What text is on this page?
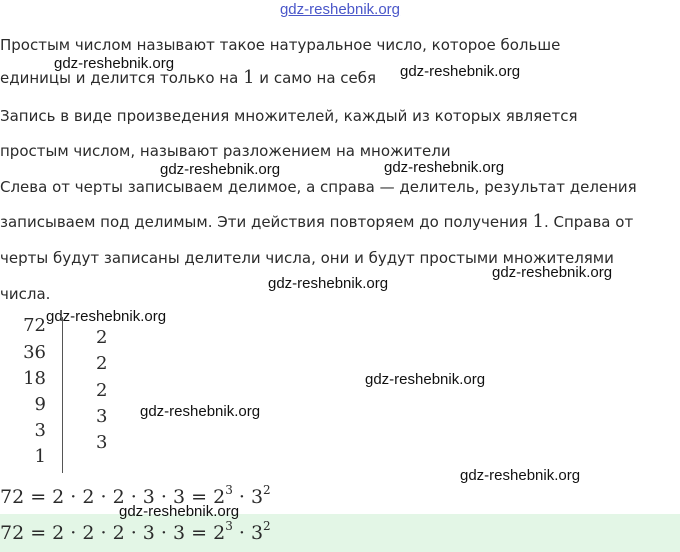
gdz-reshebnik.org
Простым числом называют такое натуральное число, которое больше
единицы и делится только на 1 и само на себя
Запись в виде произведения множителей, каждый из которых является
простым числом, называют разложением на множители
Слева от черты записываем делимое, а справа — делитель, результат деления
записываем под делимым. Эти действия повторяем до получения 1. Справа от
черты будут записаны делители числа, они и будут простыми множителями
числа.
72
36
18
9
3
1
2
2
2
3
3
$72 = 2 \cdot 2 \cdot 2 \cdot 3 \cdot 3 = 2^3 \cdot 3^2$
$72 = 2 \cdot 2 \cdot 2 \cdot 3 \cdot 3 = 2^3 \cdot 3^2$
gdz-reshebnik.org	gdz-reshebnik.org
gdz-reshebnik.org	gdz-reshebnik.org
gdz-reshebnik.org
gdz-reshebnik.org
gdz-reshebnik.org
gdz-reshebnik.org
gdz-reshebnik.org
gdz-reshebnik.org
gdz-reshebnik.org
